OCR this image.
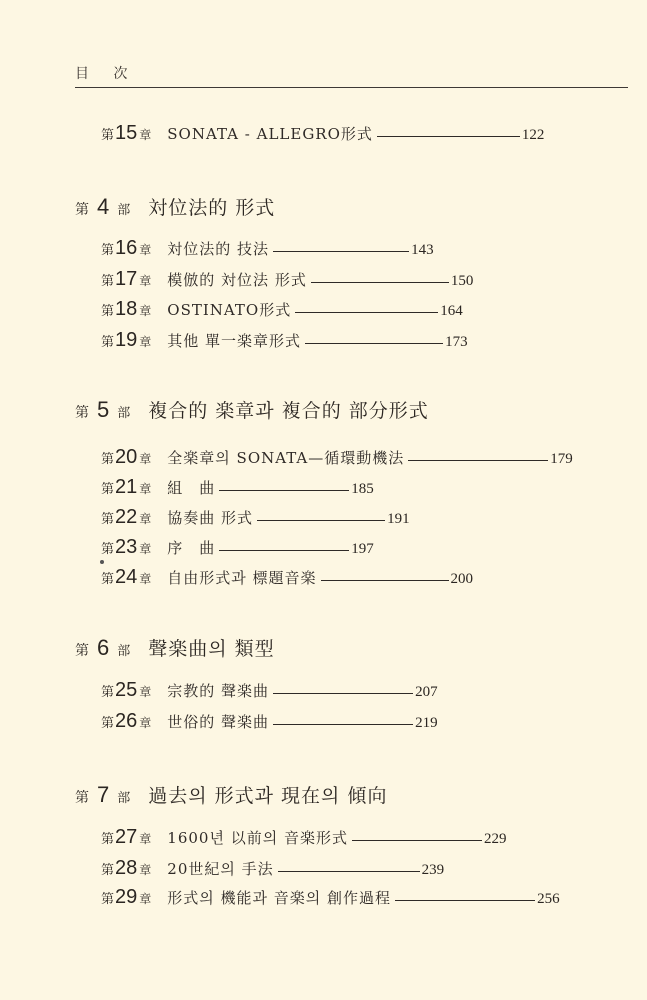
目 次
第 15 章 SONATA - ALLEGRO形式	122
第 4 部 対位法的 形式
第 16 章 対位法的 技法	143
第 17 章 模倣的 対位法 形式	150
第 18 章 OSTINATO形式	164
第 19 章 其他 單一楽章形式	173
第 5 部 複合的 楽章과 複合的 部分形式
第 20 章 全楽章의 SONATA—循環動機法	179
第 21 章 組　曲	185
第 22 章 協奏曲 形式	191
第 23 章 序　曲	197
第 24 章 自由形式과 標題音楽	200
第 6 部 聲楽曲의 類型
第 25 章 宗教的 聲楽曲	207
第 26 章 世俗的 聲楽曲	219
第 7 部 過去의 形式과 現在의 傾向
第 27 章 1600년 以前의 音楽形式	229
第 28 章 20世紀의 手法	239
第 29 章 形式의 機能과 音楽의 創作過程	256
